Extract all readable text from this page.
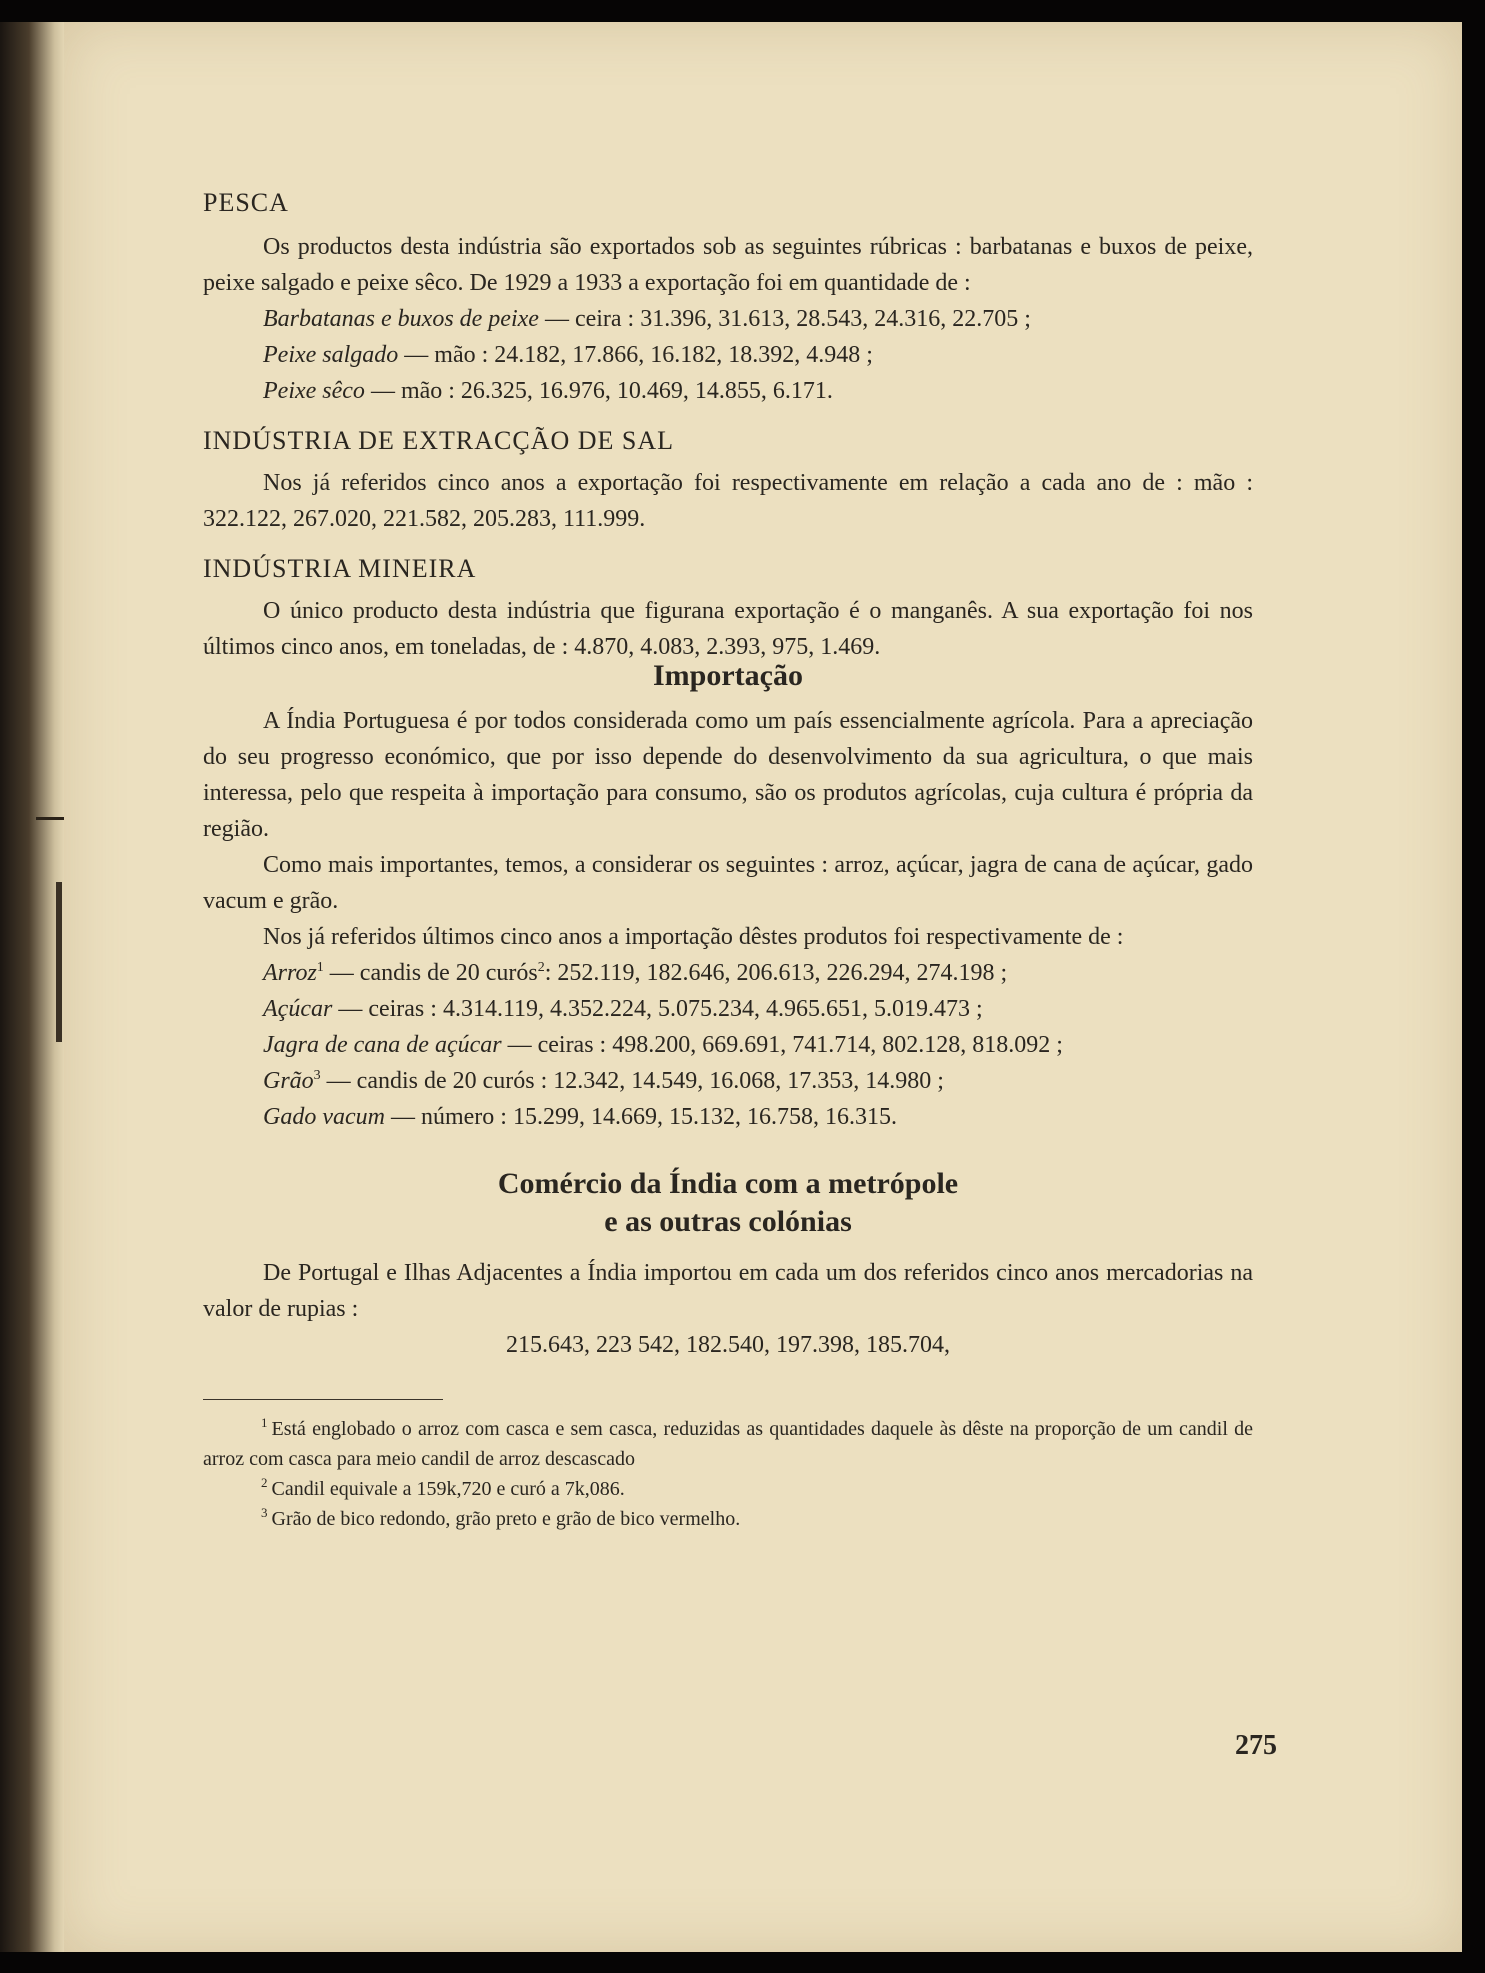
PESCA

Os productos desta indústria são exportados sob as seguintes rúbricas : barbatanas e buxos de peixe, peixe salgado e peixe sêco. De 1929 a 1933 a exportação foi em quantidade de :

Barbatanas e buxos de peixe — ceira : 31.396, 31.613, 28.543, 24.316, 22.705 ;

Peixe salgado — mão : 24.182, 17.866, 16.182, 18.392, 4.948 ;

Peixe sêco — mão : 26.325, 16.976, 10.469, 14.855, 6.171.

INDÚSTRIA DE EXTRACÇÃO DE SAL

Nos já referidos cinco anos a exportação foi respectivamente em relação a cada ano de : mão : 322.122, 267.020, 221.582, 205.283, 111.999.

INDÚSTRIA MINEIRA

O único producto desta indústria que figurana exportação é o manganês. A sua exportação foi nos últimos cinco anos, em toneladas, de : 4.870, 4.083, 2.393, 975, 1.469.

Importação

A Índia Portuguesa é por todos considerada como um país essencialmente agrícola. Para a apreciação do seu progresso económico, que por isso depende do desenvolvimento da sua agricultura, o que mais interessa, pelo que respeita à importação para consumo, são os produtos agrícolas, cuja cultura é própria da região.

Como mais importantes, temos, a considerar os seguintes : arroz, açúcar, jagra de cana de açúcar, gado vacum e grão.

Nos já referidos últimos cinco anos a importação dêstes produtos foi respectivamente de :

Arroz$^1$ — candis de 20 curós$^2$: 252.119, 182.646, 206.613, 226.294, 274.198 ;

Açúcar — ceiras : 4.314.119, 4.352.224, 5.075.234, 4.965.651, 5.019.473 ;

Jagra de cana de açúcar — ceiras : 498.200, 669.691, 741.714, 802.128, 818.092 ;

Grão$^3$ — candis de 20 curós : 12.342, 14.549, 16.068, 17.353, 14.980 ;

Gado vacum — número : 15.299, 14.669, 15.132, 16.758, 16.315.

Comércio da Índia com a metrópole

e as outras colónias

De Portugal e Ilhas Adjacentes a Índia importou em cada um dos referidos cinco anos mercadorias na valor de rupias :

215.643, 223 542, 182.540, 197.398, 185.704,

$^1$ Está englobado o arroz com casca e sem casca, reduzidas as quantidades daquele às dêste na proporção de um candil de arroz com casca para meio candil de arroz descascado

$^2$ Candil equivale a 159k,720 e curó a 7k,086.

$^3$ Grão de bico redondo, grão preto e grão de bico vermelho.

275
